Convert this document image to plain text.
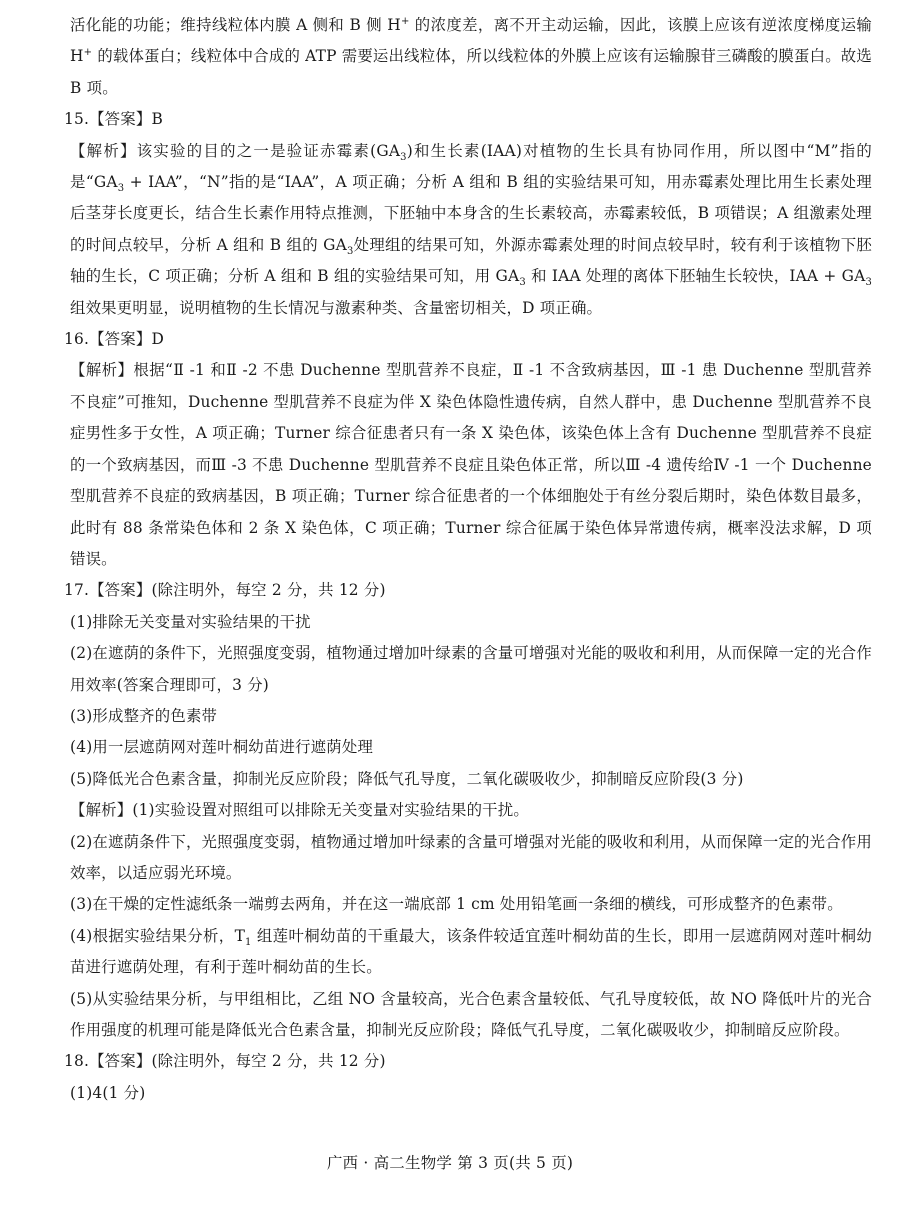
活化能的功能；维持线粒体内膜 A 侧和 B 侧 H+ 的浓度差，离不开主动运输，因此，该膜上应该有逆浓度梯度运输 H+ 的载体蛋白；线粒体中合成的 ATP 需要运出线粒体，所以线粒体的外膜上应该有运输腺苷三磷酸的膜蛋白。故选 B 项。

15.【答案】B

【解析】该实验的目的之一是验证赤霉素$(GA_3)$和生长素(IAA)对植物的生长具有协同作用，所以图中“M”指的是“$GA_3$ + IAA”，“N”指的是“IAA”，A 项正确；分析 A 组和 B 组的实验结果可知，用赤霉素处理比用生长素处理后茎芽长度更长，结合生长素作用特点推测，下胚轴中本身含的生长素较高，赤霉素较低，B 项错误；A 组激素处理的时间点较早，分析 A 组和 B 组的 $GA_3$处理组的结果可知，外源赤霉素处理的时间点较早时，较有利于该植物下胚轴的生长，C 项正确；分析 A 组和 B 组的实验结果可知，用 $GA_3$ 和 IAA 处理的离体下胚轴生长较快，IAA + $GA_3$ 组效果更明显，说明植物的生长情况与激素种类、含量密切相关，D 项正确。

16.【答案】D

【解析】根据“Ⅱ -1 和Ⅱ -2 不患 Duchenne 型肌营养不良症，Ⅱ -1 不含致病基因，Ⅲ -1 患 Duchenne 型肌营养不良症”可推知，Duchenne 型肌营养不良症为伴 X 染色体隐性遗传病，自然人群中，患 Duchenne 型肌营养不良症男性多于女性，A 项正确；Turner 综合征患者只有一条 X 染色体，该染色体上含有 Duchenne 型肌营养不良症的一个致病基因，而Ⅲ -3 不患 Duchenne 型肌营养不良症且染色体正常，所以Ⅲ -4 遗传给Ⅳ -1 一个 Duchenne 型肌营养不良症的致病基因，B 项正确；Turner 综合征患者的一个体细胞处于有丝分裂后期时，染色体数目最多，此时有 88 条常染色体和 2 条 X 染色体，C 项正确；Turner 综合征属于染色体异常遗传病，概率没法求解，D 项错误。

17.【答案】(除注明外，每空 2 分，共 12 分)

(1)排除无关变量对实验结果的干扰

(2)在遮荫的条件下，光照强度变弱，植物通过增加叶绿素的含量可增强对光能的吸收和利用，从而保障一定的光合作用效率(答案合理即可，3 分)

(3)形成整齐的色素带

(4)用一层遮荫网对莲叶桐幼苗进行遮荫处理

(5)降低光合色素含量，抑制光反应阶段；降低气孔导度，二氧化碳吸收少，抑制暗反应阶段(3 分)

【解析】(1)实验设置对照组可以排除无关变量对实验结果的干扰。

(2)在遮荫条件下，光照强度变弱，植物通过增加叶绿素的含量可增强对光能的吸收和利用，从而保障一定的光合作用效率，以适应弱光环境。

(3)在干燥的定性滤纸条一端剪去两角，并在这一端底部 1 cm 处用铅笔画一条细的横线，可形成整齐的色素带。

(4)根据实验结果分析，$T_1$ 组莲叶桐幼苗的干重最大，该条件较适宜莲叶桐幼苗的生长，即用一层遮荫网对莲叶桐幼苗进行遮荫处理，有利于莲叶桐幼苗的生长。

(5)从实验结果分析，与甲组相比，乙组 NO 含量较高，光合色素含量较低、气孔导度较低，故 NO 降低叶片的光合作用强度的机理可能是降低光合色素含量，抑制光反应阶段；降低气孔导度，二氧化碳吸收少，抑制暗反应阶段。

18.【答案】(除注明外，每空 2 分，共 12 分)

(1)4(1 分)

广西 · 高二生物学 第 3 页(共 5 页)
